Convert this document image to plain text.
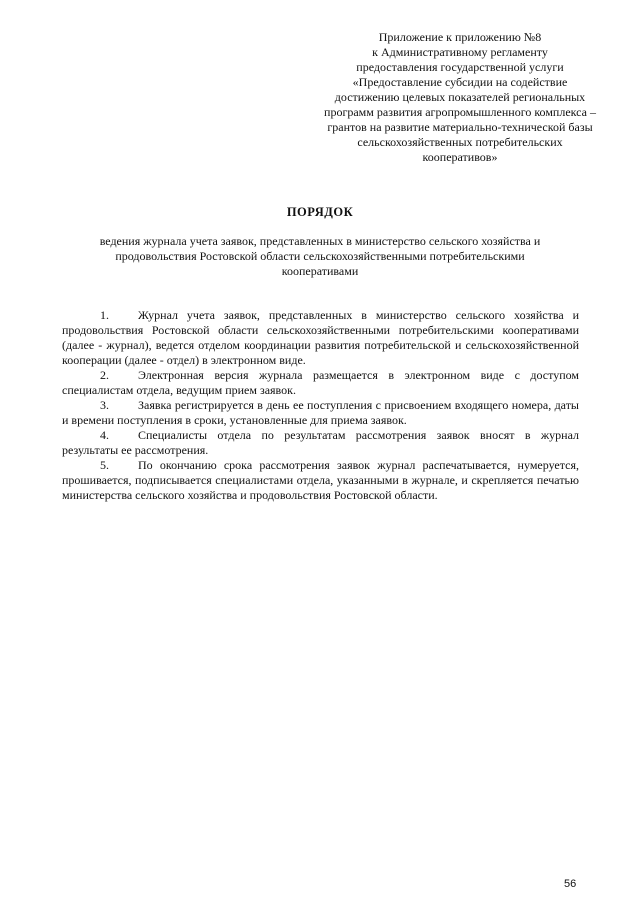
Приложение к приложению №8
к Административному регламенту
предоставления государственной услуги
«Предоставление субсидии на содействие
достижению целевых показателей региональных
программ развития агропромышленного комплекса –
грантов на развитие материально-технической базы
сельскохозяйственных потребительских
кооперативов»
ПОРЯДОК
ведения журнала учета заявок, представленных в министерство сельского хозяйства и
продовольствия Ростовской области сельскохозяйственными потребительскими
кооперативами
1. Журнал учета заявок, представленных в министерство сельского хозяйства и продовольствия Ростовской области сельскохозяйственными потребительскими кооперативами (далее - журнал), ведется отделом координации развития потребительской и сельскохозяйственной кооперации (далее - отдел) в электронном виде.
2. Электронная версия журнала размещается в электронном виде с доступом специалистам отдела, ведущим прием заявок.
3. Заявка регистрируется в день ее поступления с присвоением входящего номера, даты и времени поступления в сроки, установленные для приема заявок.
4. Специалисты отдела по результатам рассмотрения заявок вносят в журнал результаты ее рассмотрения.
5. По окончанию срока рассмотрения заявок журнал распечатывается, нумеруется, прошивается, подписывается специалистами отдела, указанными в журнале, и скрепляется печатью министерства сельского хозяйства и продовольствия Ростовской области.
56
